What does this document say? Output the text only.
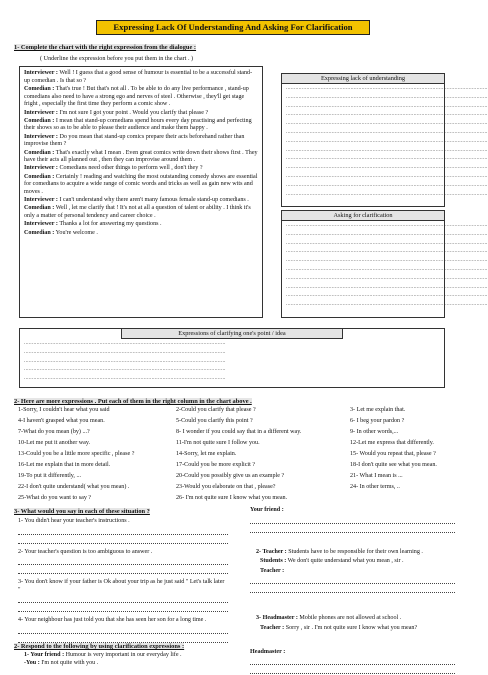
Expressing Lack Of Understanding And Asking For Clarification
1- Complete the chart with the right expression from the dialogue :
( Underline the expression before you put them in the chart . )
Interviewer : Well ! I guess that a good sense of humour is essential to be a successful stand-up comedian . Is that so ?
Comedian : That's true ! But that's not all . To be able to do any live performance , stand-up comedians also need to have a strong ego and nerves of steel . Otherwise , they'll get stage fright , especially the first time they perform a comic show .
Interviewer : I'm not sure I got your point . Would you clarify that please ?
Comedian : I mean that stand-up comedians spend hours every day practising and perfecting their shows so as to be able to please their audience and make them happy .
Interviewer : Do you mean that stand-up comics prepare their acts beforehand rather than improvise them ?
Comedian : That's exactly what I mean . Even great comics write down their shows first . They have their acts all planned out , then they can improvise around them .
Interviewer : Comedians need other things to perform well , don't they ?
Comedian : Certainly ! reading and watching the most outstanding comedy shows are essential for comedians to acquire a wide range of comic words and tricks as well as gain new wits and moves .
Interviewer : I can't understand why there aren't many famous female stand-up comedians .
Comedian : Well , let me clarify that ! It's not at all a question of talent or ability . I think it's only a matter of personal tendency and career choice .
Interviewer : Thanks a lot for answering my questions .
Comedian : You're welcome .
Expressing lack of understanding
................................................................................................................................
................................................................................................................................
................................................................................................................................
................................................................................................................................
................................................................................................................................
................................................................................................................................
................................................................................................................................
................................................................................................................................
................................................................................................................................
................................................................................................................................
................................................................................................................................
................................................................................................................................
................................................................................................................................
Asking for clarification
................................................................................................................................
................................................................................................................................
................................................................................................................................
................................................................................................................................
................................................................................................................................
................................................................................................................................
................................................................................................................................
................................................................................................................................
................................................................................................................................
................................................................................................................................
Expressions of clarifying one's point / idea
................................................................................................................................
................................................................................................................................
................................................................................................................................
................................................................................................................................
................................................................................................................................
2- Here are more expressions . Put each of them in the right column in the chart above .
1-Sorry, I couldn't hear what you said
4-I haven't grasped what you mean.
7-What do you mean (by) ...?
10-Let me put it another way.
13-Could you be a little more specific , please ?
16-Let me explain that in more detail.
19-To put it differently, ...
22-I don't quite understand( what you mean) .
25-What do you want to say ?
2-Could you clarify that please ?
5-Could you clarify this point ?
8- I wonder if you could say that in a different way.
11-I'm not quite sure I follow you.
14-Sorry, let me explain.
17-Could you be more explicit ?
20-Could you possibly give us an example ?
23-Would you elaborate on that , please?
26- I'm not quite sure I know what you mean.
3- Let me explain that.
6- I beg your pardon ?
9- In other words,...
12-Let me express that differently.
15- Would you repeat that, please ?
18-I don't quite see what you mean.
21- What I mean is ...
24- In other terms, ..
3- What would you say in each of these situation ?
1- You didn't hear your teacher's instructions .
2- Your teacher's question is too ambiguous to answer .
3- You don't know if your father is Ok about your trip as he just said " Let's talk later "
4- Your neighbour has just told you that she has seen her son for a long time .
2- Respond to the following by using clarification expressions :
1- Your friend : Humour is very important in our everyday life .
-You : I'm not quite with you .
Your friend :
2- Teacher : Students have to be responsible for their own learning .
Students : We don't quite understand what you mean , sir .
Teacher :
3- Headmaster : Mobile phones are not allowed at school .
Teacher : Sorry , sir . I'm not quite sure I know what you mean?
Headmaster :
